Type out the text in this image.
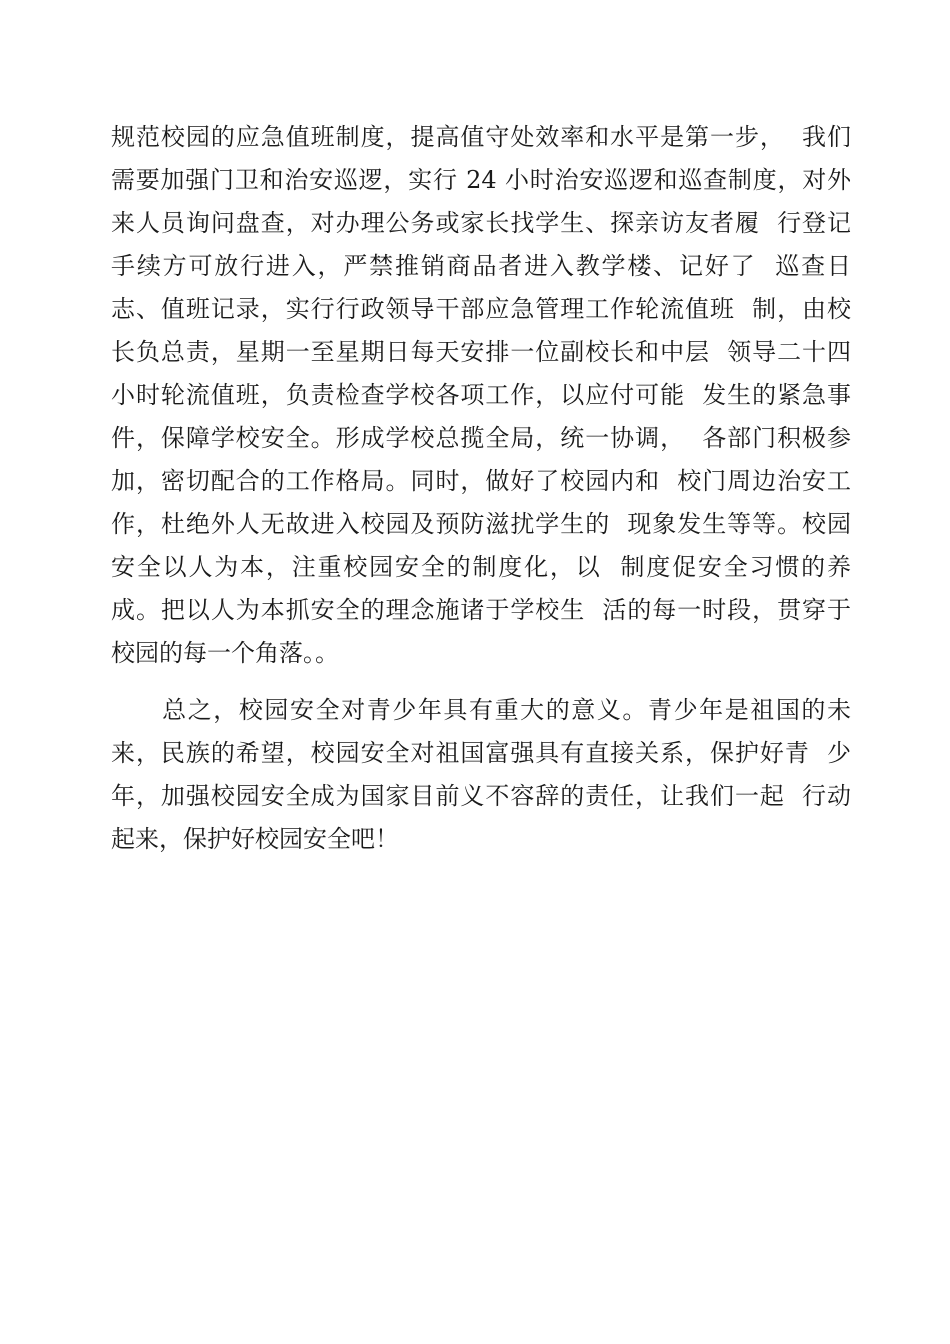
规范校园的应急值班制度，提高值守处效率和水平是第一步，  我们
需要加强门卫和治安巡逻，实行 24 小时治安巡逻和巡查制度，对外
来人员询问盘查，对办理公务或家长找学生、探亲访友者履  行登记
手续方可放行进入，严禁推销商品者进入教学楼、记好了  巡查日
志、值班记录，实行行政领导干部应急管理工作轮流值班  制，由校
长负总责，星期一至星期日每天安排一位副校长和中层  领导二十四
小时轮流值班，负责检查学校各项工作，以应付可能  发生的紧急事
件，保障学校安全。形成学校总揽全局，统一协调，  各部门积极参
加，密切配合的工作格局。同时，做好了校园内和  校门周边治安工
作，杜绝外人无故进入校园及预防滋扰学生的  现象发生等等。校园
安全以人为本，注重校园安全的制度化，以  制度促安全习惯的养
成。把以人为本抓安全的理念施诸于学校生  活的每一时段，贯穿于
校园的每一个角落。。
　　总之，校园安全对青少年具有重大的意义。青少年是祖国的未
来，民族的希望，校园安全对祖国富强具有直接关系，保护好青  少
年，加强校园安全成为国家目前义不容辞的责任，让我们一起  行动
起来，保护好校园安全吧！
